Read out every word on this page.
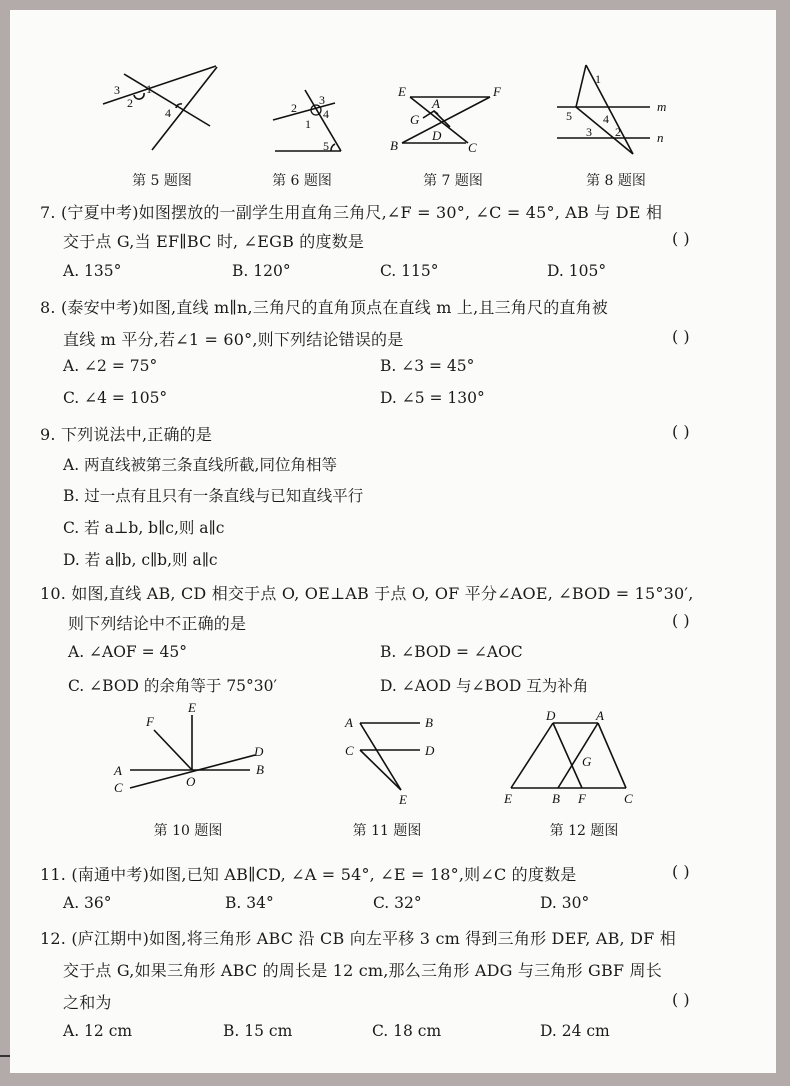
3 1
2
4
第 5 题图
2
3
4
1
5
第 6 题图
E	F
A
G
D
B	C
第 7 题图
1
m
5	4
3 2	n
第 8 题图
7. (宁夏中考)如图摆放的一副学生用直角三角尺,∠F = 30°, ∠C = 45°, AB 与 DE 相
交于点 G,当 EF∥BC 时, ∠EGB 的度数是	( )
A. 135°	B. 120°	C. 115°	D. 105°
8. (泰安中考)如图,直线 m∥n,三角尺的直角顶点在直线 m 上,且三角尺的直角被
直线 m 平分,若∠1 = 60°,则下列结论错误的是	( )
A. ∠2 = 75°	B. ∠3 = 45°
C. ∠4 = 105°	D. ∠5 = 130°
9. 下列说法中,正确的是	( )
A. 两直线被第三条直线所截,同位角相等
B. 过一点有且只有一条直线与已知直线平行
C. 若 a⊥b, b∥c,则 a∥c
D. 若 a∥b, c∥b,则 a∥c
10. 如图,直线 AB, CD 相交于点 O, OE⊥AB 于点 O, OF 平分∠AOE, ∠BOD = 15°30′,
则下列结论中不正确的是	( )
A. ∠AOF = 45°	B. ∠BOD = ∠AOC
C. ∠BOD 的余角等于 75°30′	D. ∠AOD 与∠BOD 互为补角
F
E
D
A
O
B
C
第 10 题图
A	B
C	D
E
第 11 题图
D	A
G
E	B F	C
第 12 题图
11. (南通中考)如图,已知 AB∥CD, ∠A = 54°, ∠E = 18°,则∠C 的度数是	( )
A. 36°	B. 34°	C. 32°	D. 30°
12. (庐江期中)如图,将三角形 ABC 沿 CB 向左平移 3 cm 得到三角形 DEF, AB, DF 相
交于点 G,如果三角形 ABC 的周长是 12 cm,那么三角形 ADG 与三角形 GBF 周长
之和为	( )
A. 12 cm	B. 15 cm	C. 18 cm	D. 24 cm
